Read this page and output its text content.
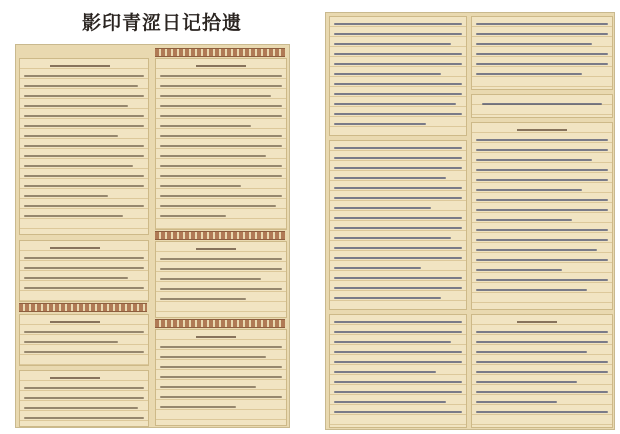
影印青涩日记拾遗
